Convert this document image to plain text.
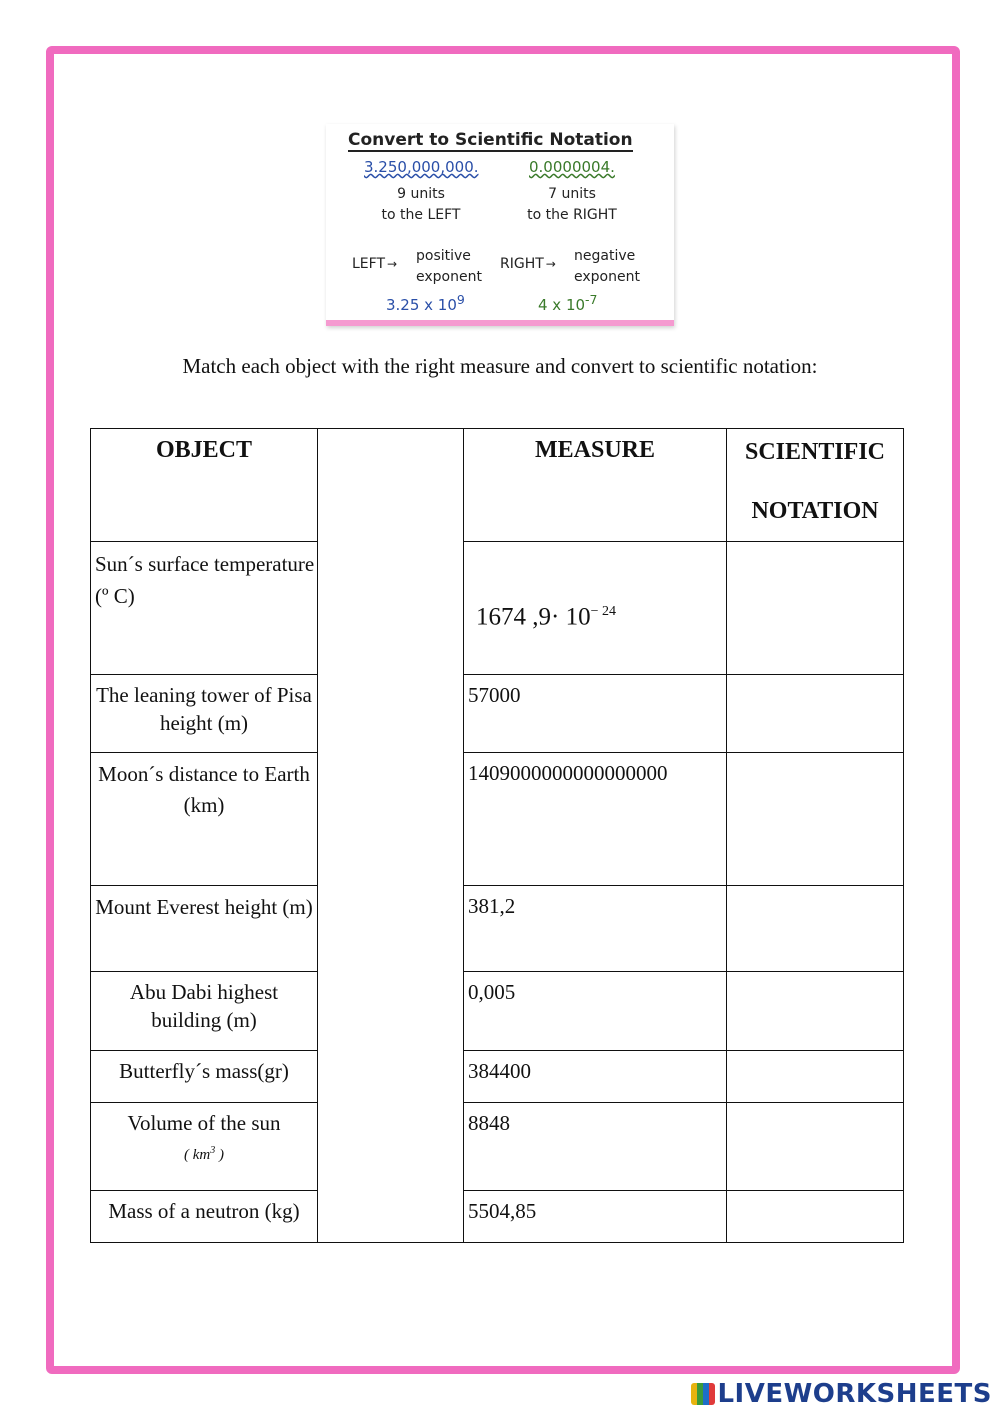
Convert to Scientific Notation
3.250,000,000.	0.0000004.
9 units
to the LEFT
7 units
to the RIGHT
LEFT →	RIGHT →
positive
exponent
negative
exponent
3.25 x $10^9$	4 x $10^{-7}$
Match each object with the right measure and convert to scientific notation:
OBJECT		MEASURE	SCIENTIFIC
NOTATION

Sun´s surface temperature (º C)		1674 $,9\cdot 10^{- 24}$	
The leaning tower of Pisa height (m)		57000	
Moon´s distance to Earth (km)		1409000000000000000	
Mount Everest height (m)		381,2	
Abu Dabi highest building (m)		0,005	
Butterfly´s mass(gr)		384400	

Volume of the sun
( $km^3$ )		8848	
Mass of a neutron (kg)		5504,85	
LIVEWORKSHEETS
